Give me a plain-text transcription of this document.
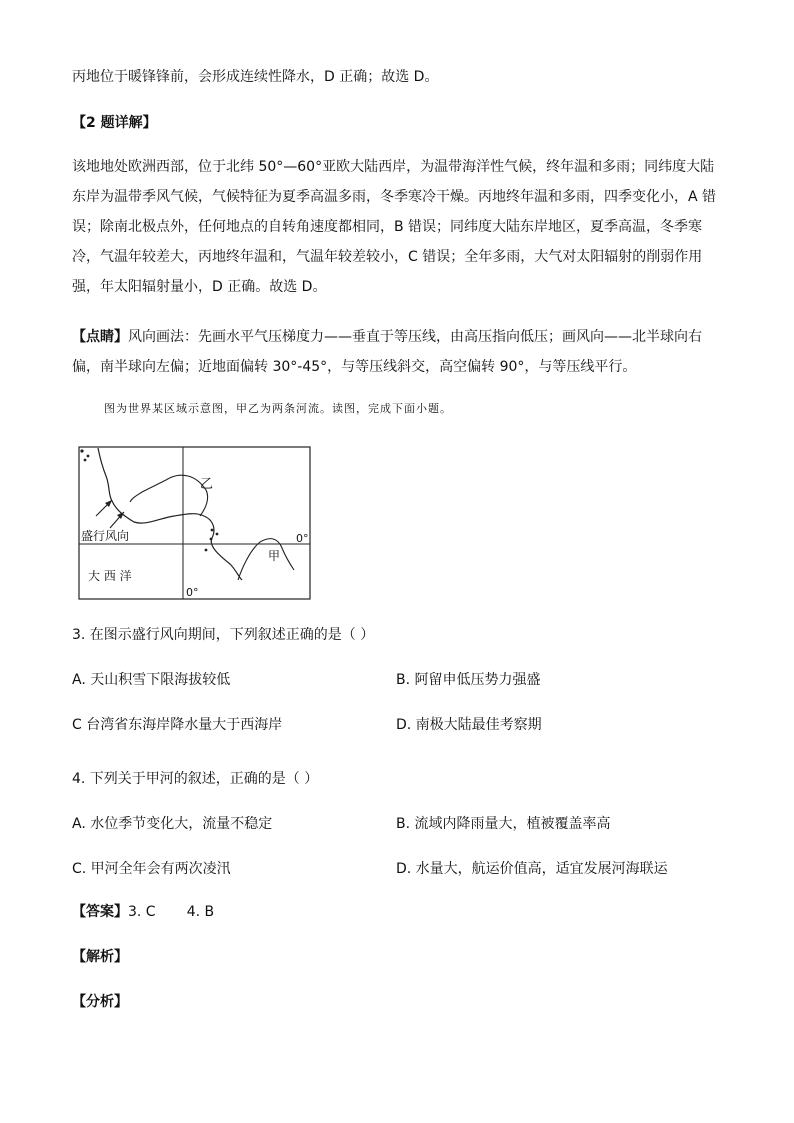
丙地位于暖锋锋前，会形成连续性降水，D 正确；故选 D。

【2 题详解】

该地地处欧洲西部，位于北纬 50°—60°亚欧大陆西岸，为温带海洋性气候，终年温和多雨；同纬度大陆东岸为温带季风气候，气候特征为夏季高温多雨，冬季寒冷干燥。丙地终年温和多雨，四季变化小，A 错误；除南北极点外，任何地点的自转角速度都相同，B 错误；同纬度大陆东岸地区，夏季高温，冬季寒冷，气温年较差大，丙地终年温和，气温年较差较小，C 错误；全年多雨，大气对太阳辐射的削弱作用强，年太阳辐射量小，D 正确。故选 D。

【点睛】风向画法：先画水平气压梯度力——垂直于等压线，由高压指向低压；画风向——北半球向右偏，南半球向左偏；近地面偏转 30°-45°，与等压线斜交，高空偏转 90°，与等压线平行。

图为世界某区域示意图，甲乙为两条河流。读图，完成下面小题。
乙
甲
盛行风向
大 西 洋
0°
0°
3. 在图示盛行风向期间，下列叙述正确的是（ ）
A. 天山积雪下限海拔较低	B. 阿留申低压势力强盛
C 台湾省东海岸降水量大于西海岸	D. 南极大陆最佳考察期
4. 下列关于甲河的叙述，正确的是（ ）
A. 水位季节变化大，流量不稳定	B. 流域内降雨量大，植被覆盖率高
C. 甲河全年会有两次凌汛	D. 水量大，航运价值高，适宜发展河海联运
【答案】3. C       4. B
【解析】
【分析】
